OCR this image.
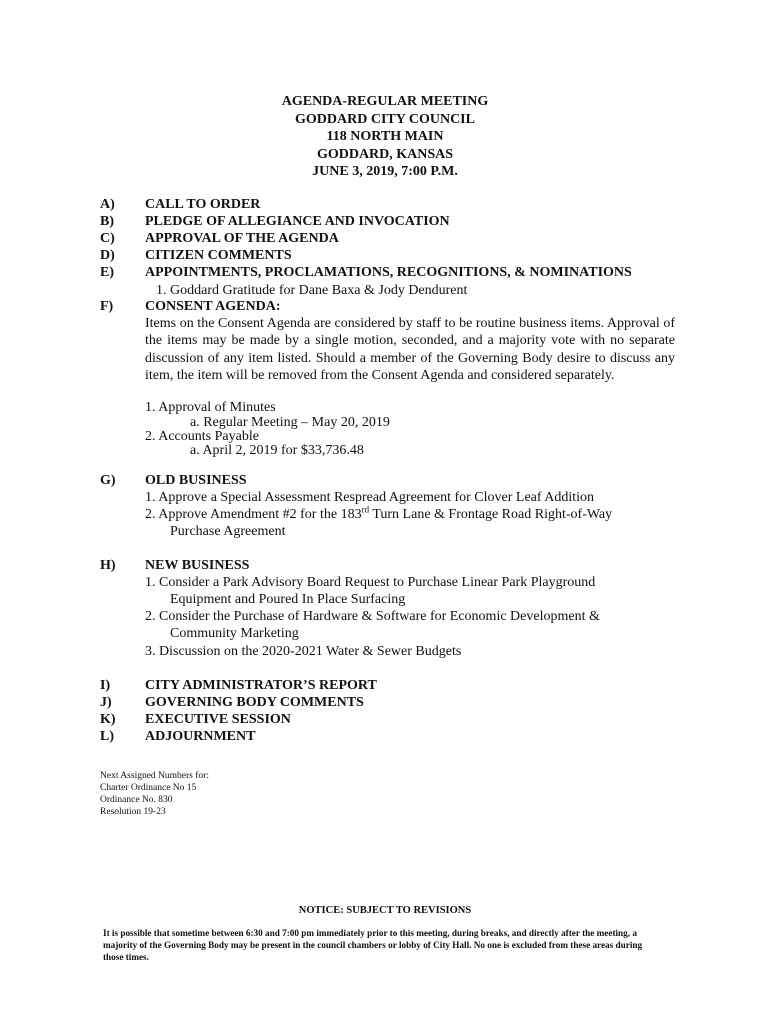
AGENDA-REGULAR MEETING
GODDARD CITY COUNCIL
118 NORTH MAIN
GODDARD, KANSAS
JUNE 3, 2019, 7:00 P.M.
A) CALL TO ORDER
B) PLEDGE OF ALLEGIANCE AND INVOCATION
C) APPROVAL OF THE AGENDA
D) CITIZEN COMMENTS
E) APPOINTMENTS, PROCLAMATIONS, RECOGNITIONS, & NOMINATIONS
1. Goddard Gratitude for Dane Baxa & Jody Dendurent
F) CONSENT AGENDA:
Items on the Consent Agenda are considered by staff to be routine business items. Approval of the items may be made by a single motion, seconded, and a majority vote with no separate discussion of any item listed. Should a member of the Governing Body desire to discuss any item, the item will be removed from the Consent Agenda and considered separately.
1. Approval of Minutes
a. Regular Meeting – May 20, 2019
2. Accounts Payable
a. April 2, 2019 for $33,736.48
G) OLD BUSINESS
1. Approve a Special Assessment Respread Agreement for Clover Leaf Addition
2. Approve Amendment #2 for the 183rd Turn Lane & Frontage Road Right-of-Way
Purchase Agreement
H) NEW BUSINESS
1. Consider a Park Advisory Board Request to Purchase Linear Park Playground
Equipment and Poured In Place Surfacing
2. Consider the Purchase of Hardware & Software for Economic Development &
Community Marketing
3. Discussion on the 2020-2021 Water & Sewer Budgets
I) CITY ADMINISTRATOR’S REPORT
J) GOVERNING BODY COMMENTS
K) EXECUTIVE SESSION
L) ADJOURNMENT
Next Assigned Numbers for:
Charter Ordinance No 15
Ordinance No. 830
Resolution 19-23
NOTICE: SUBJECT TO REVISIONS
It is possible that sometime between 6:30 and 7:00 pm immediately prior to this meeting, during breaks, and directly after the meeting, a majority of the Governing Body may be present in the council chambers or lobby of City Hall. No one is excluded from these areas during those times.
